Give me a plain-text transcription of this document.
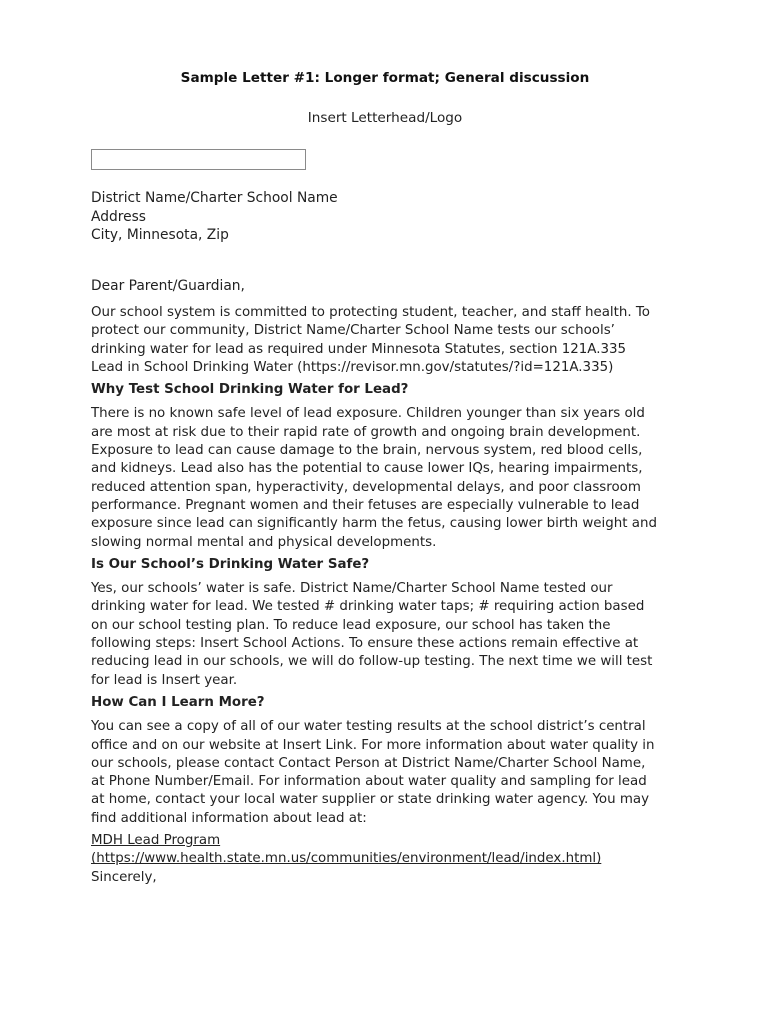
Sample Letter #1: Longer format; General discussion
Insert Letterhead/Logo
District Name/Charter School Name
Address
City, Minnesota, Zip
Dear Parent/Guardian,

Our school system is committed to protecting student, teacher, and staff health. To
protect our community, District Name/Charter School Name tests our schools’
drinking water for lead as required under Minnesota Statutes, section 121A.335
Lead in School Drinking Water (https://revisor.mn.gov/statutes/?id=121A.335)

Why Test School Drinking Water for Lead?

There is no known safe level of lead exposure. Children younger than six years old
are most at risk due to their rapid rate of growth and ongoing brain development.
Exposure to lead can cause damage to the brain, nervous system, red blood cells,
and kidneys. Lead also has the potential to cause lower IQs, hearing impairments,
reduced attention span, hyperactivity, developmental delays, and poor classroom
performance. Pregnant women and their fetuses are especially vulnerable to lead
exposure since lead can significantly harm the fetus, causing lower birth weight and
slowing normal mental and physical developments.

Is Our School’s Drinking Water Safe?

Yes, our schools’ water is safe. District Name/Charter School Name tested our
drinking water for lead. We tested # drinking water taps; # requiring action based
on our school testing plan. To reduce lead exposure, our school has taken the
following steps: Insert School Actions. To ensure these actions remain effective at
reducing lead in our schools, we will do follow-up testing. The next time we will test
for lead is Insert year.

How Can I Learn More?

You can see a copy of all of our water testing results at the school district’s central
office and on our website at Insert Link. For more information about water quality in
our schools, please contact Contact Person at District Name/Charter School Name,
at Phone Number/Email. For information about water quality and sampling for lead
at home, contact your local water supplier or state drinking water agency. You may
find additional information about lead at:

MDH Lead Program
(https://www.health.state.mn.us/communities/environment/lead/index.html)

Sincerely,
